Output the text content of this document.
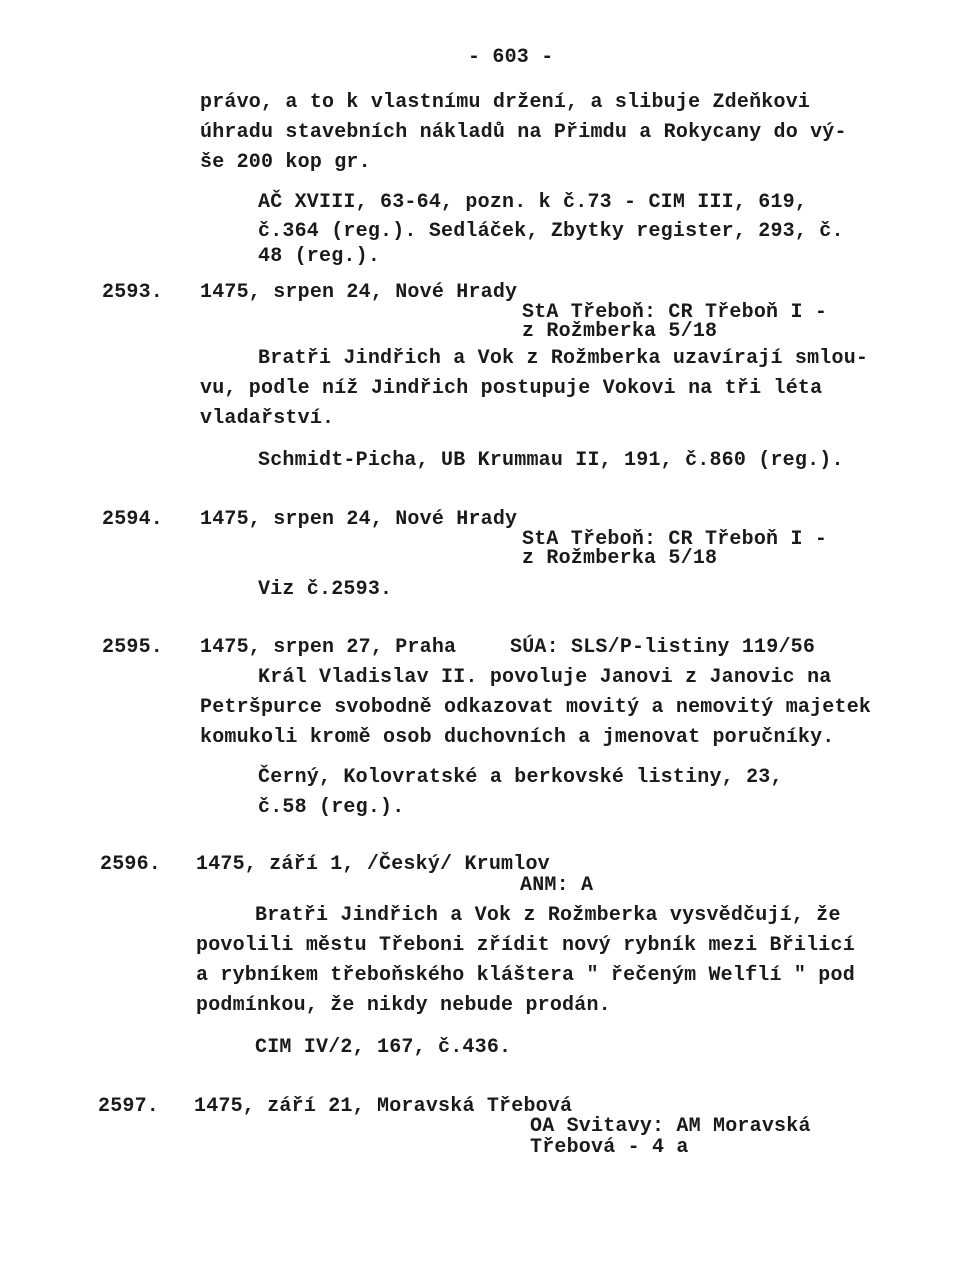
- 603 -
právo, a to k vlastnímu držení, a slibuje Zdeňkovi
úhradu stavebních nákladů na Přimdu a Rokycany do vý-
še 200 kop gr.
AČ XVIII, 63-64, pozn. k č.73 - CIM III, 619,
č.364 (reg.). Sedláček, Zbytky register, 293, č.
48 (reg.).
2593. 1475, srpen 24, Nové Hrady
StA Třeboň: CR Třeboň I -
z Rožmberka 5/18
Bratři Jindřich a Vok z Rožmberka uzavírají smlou-
vu, podle níž Jindřich postupuje Vokovi na tři léta
vladařství.
Schmidt-Picha, UB Krummau II, 191, č.860 (reg.).
2594. 1475, srpen 24, Nové Hrady
StA Třeboň: CR Třeboň I -
z Rožmberka 5/18
Viz č.2593.
2595. 1475, srpen 27, Praha	SÚA: SLS/P-listiny 119/56
Král Vladislav II. povoluje Janovi z Janovic na
Petršpurce svobodně odkazovat movitý a nemovitý majetek
komukoli kromě osob duchovních a jmenovat poručníky.
Černý, Kolovratské a berkovské listiny, 23,
č.58 (reg.).
2596. 1475, září 1, /Český/ Krumlov
ANM: A
Bratři Jindřich a Vok z Rožmberka vysvědčují, že
povolili městu Třeboni zřídit nový rybník mezi Břilicí
a rybníkem třeboňského kláštera " řečeným Welflí " pod
podmínkou, že nikdy nebude prodán.
CIM IV/2, 167, č.436.
2597. 1475, září 21, Moravská Třebová
OA Svitavy: AM Moravská
Třebová - 4 a
